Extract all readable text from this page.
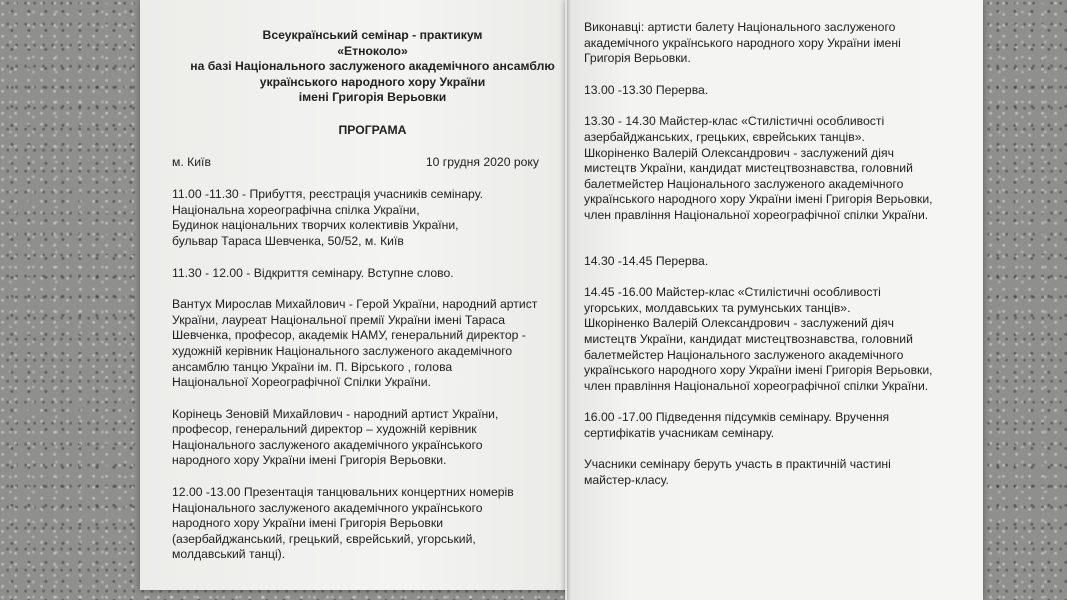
Всеукраїнський семінар - практикум
«Етноколо»
на базі Національного заслуженого академічного ансамблю
українського народного хору України
імені Григорія Верьовки
ПРОГРАМА
м. Київ	10 грудня 2020 року
11.00 -11.30 - Прибуття, реєстрація учасників семінару.
Національна хореографічна спілка України,
Будинок національних творчих колективів України,
бульвар Тараса Шевченка, 50/52, м. Київ
11.30 - 12.00 - Відкриття семінару. Вступне слово.
Вантух Мирослав Михайлович - Герой України, народний артист
України, лауреат Національної премії України імені Тараса
Шевченка, професор, академік НАМУ, генеральний директор -
художній керівник Національного заслуженого академічного
ансамблю танцю України ім. П. Вірського , голова
Національної Хореографічної Спілки України.
Корінець Зеновій Михайлович - народний артист України,
професор, генеральний директор – художній керівник
Національного заслуженого академічного українського
народного хору України імені Григорія Верьовки.
12.00 -13.00 Презентація танцювальних концертних номерів
Національного заслуженого академічного українського
народного хору України імені Григорія Верьовки
(азербайджанський, грецький, єврейський, угорський,
молдавський танці).
Виконавці: артисти балету Національного заслуженого
академічного українського народного хору України імені
Григорія Верьовки.
13.00 -13.30 Перерва.
13.30 - 14.30 Майстер-клас «Стилістичні особливості
азербайджанських, грецьких, єврейських танців».
Шкоріненко Валерій Олександрович - заслужений діяч
мистецтв України, кандидат мистецтвознавства, головний
балетмейстер Національного заслуженого академічного
українського народного хору України імені Григорія Верьовки,
член правління Національної хореографічної спілки України.
14.30 -14.45 Перерва.
14.45 -16.00 Майстер-клас «Стилістичні особливості
угорських, молдавських та румунських танців».
Шкоріненко Валерій Олександрович - заслужений діяч
мистецтв України, кандидат мистецтвознавства, головний
балетмейстер Національного заслуженого академічного
українського народного хору України імені Григорія Верьовки,
член правління Національної хореографічної спілки України.
16.00 -17.00 Підведення підсумків семінару. Вручення
сертифікатів учасникам семінару.
Учасники семінару беруть участь в практичній частині
майстер-класу.
